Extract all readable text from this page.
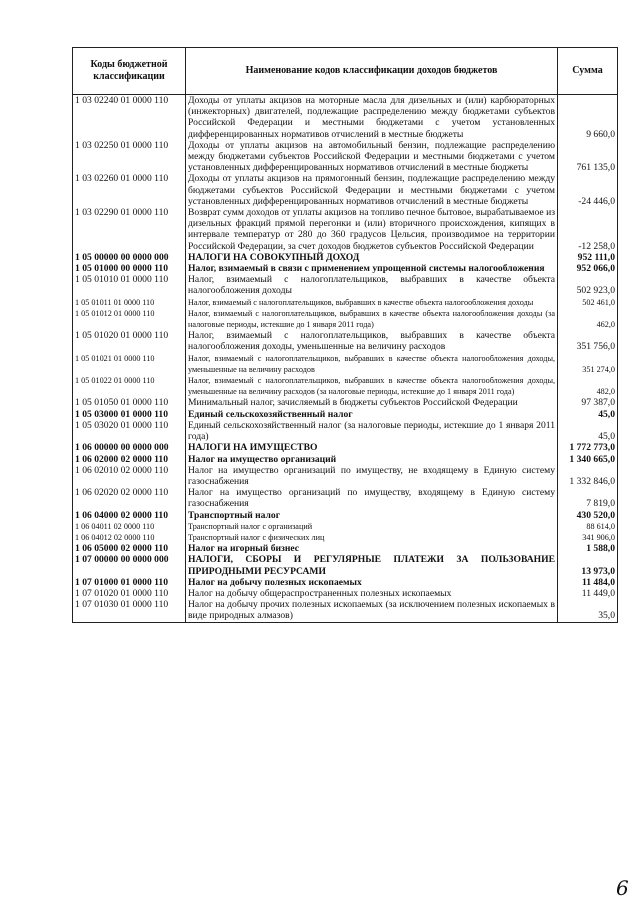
Коды бюджетной классификации	Наименование кодов классификации доходов бюджетов	Сумма
1 03 02240 01 0000 110	Доходы от уплаты акцизов на моторные масла для дизельных и (или) карбюраторных (инжекторных) двигателей, подлежащие распределению между бюджетами субъектов Российской Федерации и местными бюджетами с учетом установленных дифференцированных нормативов отчислений в местные бюджеты	9 660,0
1 03 02250 01 0000 110	Доходы от уплаты акцизов на автомобильный бензин, подлежащие распределению между бюджетами субъектов Российской Федерации и местными бюджетами с учетом установленных дифференцированных нормативов отчислений в местные бюджеты	761 135,0
1 03 02260 01 0000 110	Доходы от уплаты акцизов на прямогонный бензин, подлежащие распределению между бюджетами субъектов Российской Федерации и местными бюджетами с учетом установленных дифференцированных нормативов отчислений в местные бюджеты	-24 446,0
1 03 02290 01 0000 110	Возврат сумм доходов от уплаты акцизов на топливо печное бытовое, вырабатываемое из дизельных фракций прямой перегонки и (или) вторичного происхождения, кипящих в интервале температур от 280 до 360 градусов Цельсия, производимое на территории Российской Федерации, за счет доходов бюджетов субъектов Российской Федерации	-12 258,0
1 05 00000 00 0000 000	НАЛОГИ НА СОВОКУПНЫЙ ДОХОД	952 111,0
1 05 01000 00 0000 110	Налог, взимаемый в связи с применением упрощенной системы налогообложения	952 066,0
1 05 01010 01 0000 110	Налог, взимаемый с налогоплательщиков, выбравших в качестве объекта налогообложения доходы	502 923,0
1 05 01011 01 0000 110	Налог, взимаемый с налогоплательщиков, выбравших в качестве объекта налогообложения доходы	502 461,0
1 05 01012 01 0000 110	Налог, взимаемый с налогоплательщиков, выбравших в качестве объекта налогообложения доходы (за налоговые периоды, истекшие до 1 января 2011 года)	462,0
1 05 01020 01 0000 110	Налог, взимаемый с налогоплательщиков, выбравших в качестве объекта налогообложения доходы, уменьшенные на величину расходов	351 756,0
1 05 01021 01 0000 110	Налог, взимаемый с налогоплательщиков, выбравших в качестве объекта налогообложения доходы, уменьшенные на величину расходов	351 274,0
1 05 01022 01 0000 110	Налог, взимаемый с налогоплательщиков, выбравших в качестве объекта налогообложения доходы, уменьшенные на величину расходов (за налоговые периоды, истекшие до 1 января 2011 года)	482,0
1 05 01050 01 0000 110	Минимальный налог, зачисляемый в бюджеты субъектов Российской Федерации	97 387,0
1 05 03000 01 0000 110	Единый сельскохозяйственный налог	45,0
1 05 03020 01 0000 110	Единый сельскохозяйственный налог (за налоговые периоды, истекшие до 1 января 2011 года)	45,0
1 06 00000 00 0000 000	НАЛОГИ НА ИМУЩЕСТВО	1 772 773,0
1 06 02000 02 0000 110	Налог на имущество организаций	1 340 665,0
1 06 02010 02 0000 110	Налог на имущество организаций по имуществу, не входящему в Единую систему газоснабжения	1 332 846,0
1 06 02020 02 0000 110	Налог на имущество организаций по имуществу, входящему в Единую систему газоснабжения	7 819,0
1 06 04000 02 0000 110	Транспортный налог	430 520,0
1 06 04011 02 0000 110	Транспортный налог с организаций	88 614,0
1 06 04012 02 0000 110	Транспортный налог с физических лиц	341 906,0
1 06 05000 02 0000 110	Налог на игорный бизнес	1 588,0
1 07 00000 00 0000 000	НАЛОГИ, СБОРЫ И РЕГУЛЯРНЫЕ ПЛАТЕЖИ ЗА ПОЛЬЗОВАНИЕ ПРИРОДНЫМИ РЕСУРСАМИ	13 973,0
1 07 01000 01 0000 110	Налог на добычу полезных ископаемых	11 484,0
1 07 01020 01 0000 110	Налог на добычу общераспространенных полезных ископаемых	11 449,0
1 07 01030 01 0000 110	Налог на добычу прочих полезных ископаемых (за исключением полезных ископаемых в виде природных алмазов)	35,0
6
